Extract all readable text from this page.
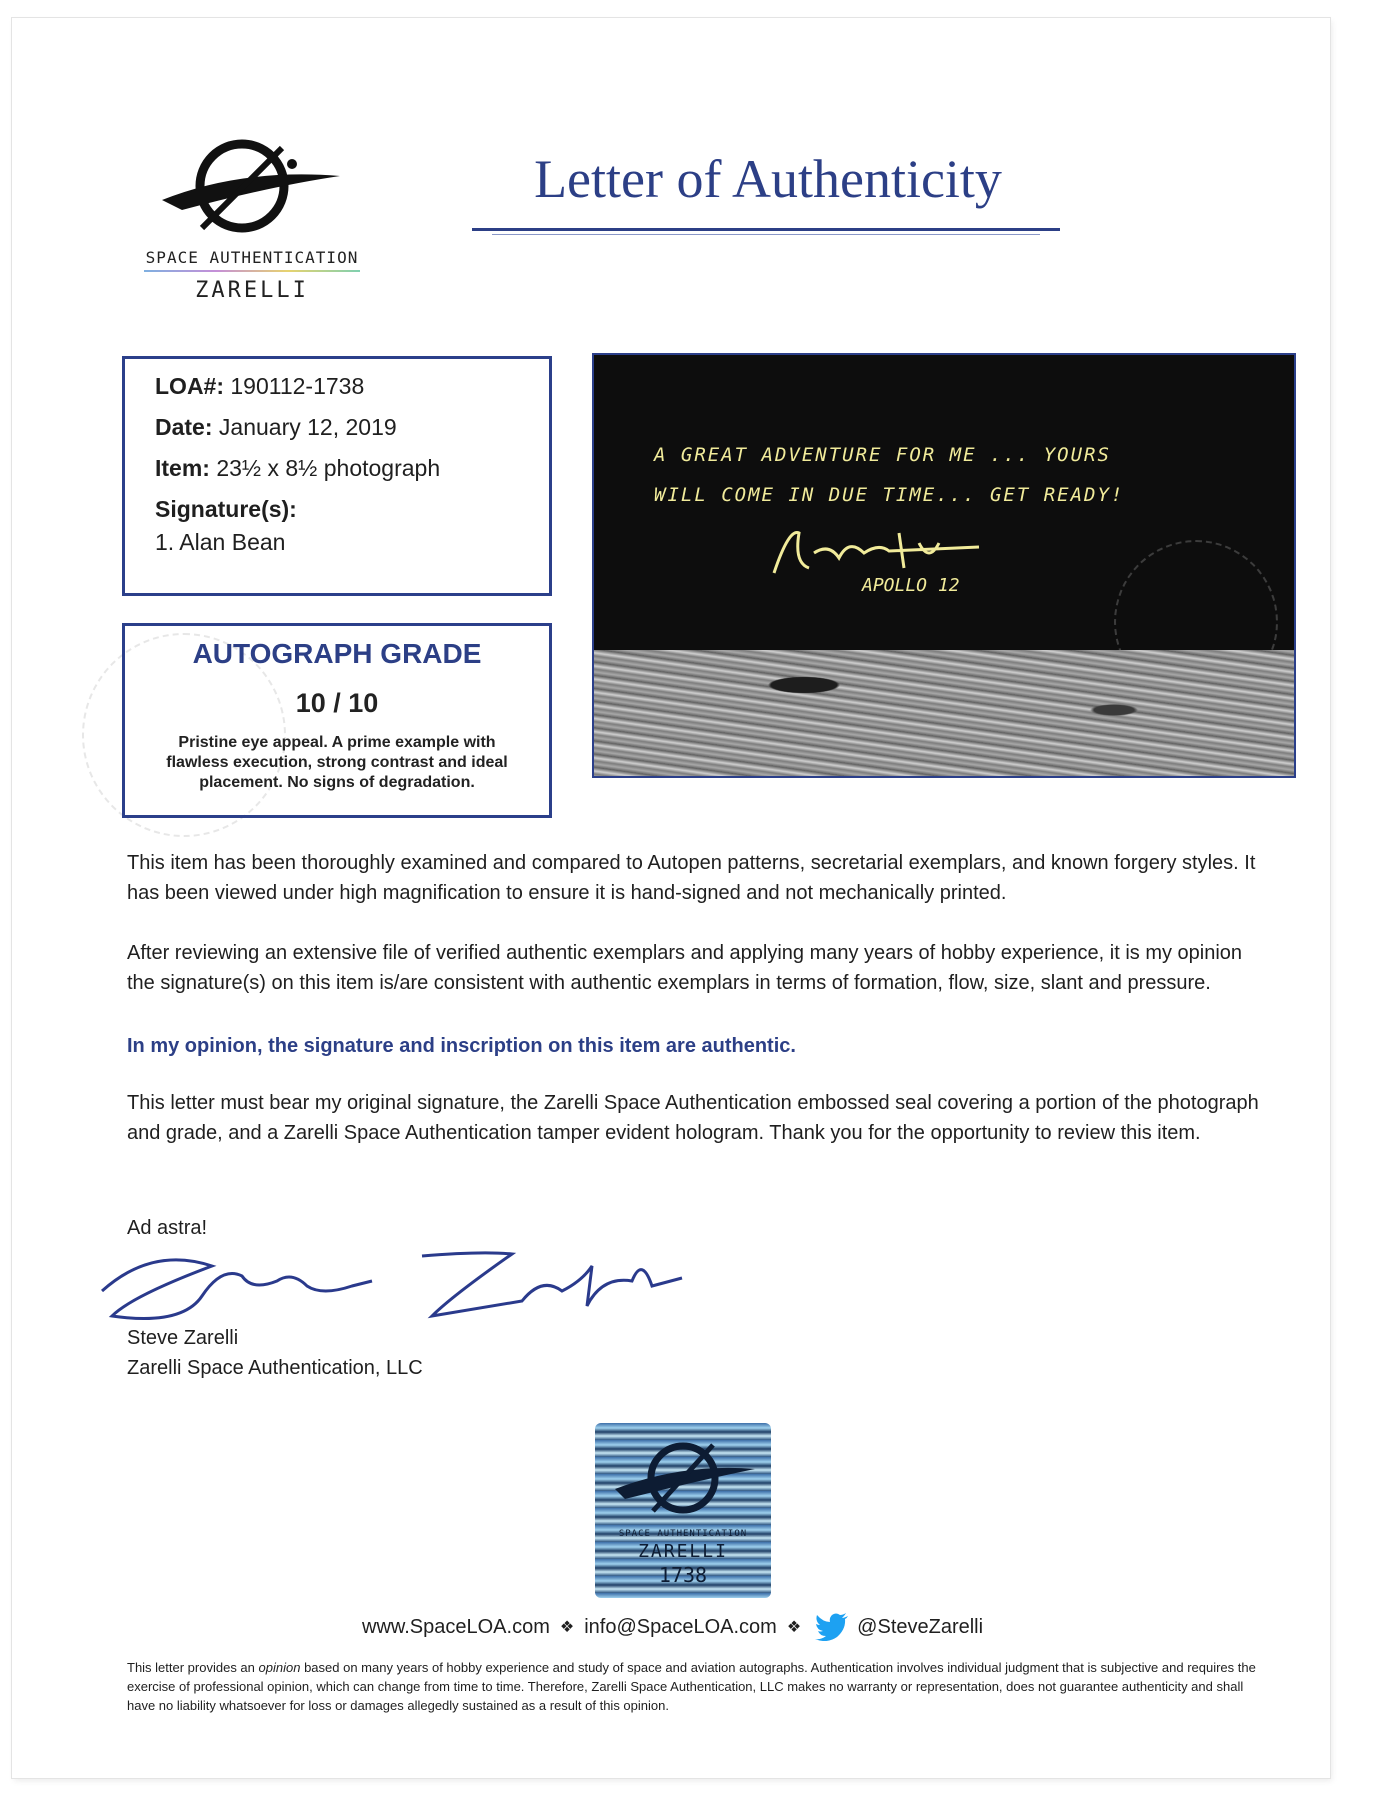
SPACE AUTHENTICATION
ZARELLI
Letter of Authenticity
LOA#: 190112-1738
Date: January 12, 2019
Item: 23½ x 8½ photograph
Signature(s):
1. Alan Bean
AUTOGRAPH GRADE
10 / 10
Pristine eye appeal. A prime example with flawless execution, strong contrast and ideal placement. No signs of degradation.
A GREAT ADVENTURE FOR ME ... YOURS
WILL COME IN DUE TIME... GET READY!
APOLLO 12
This item has been thoroughly examined and compared to Autopen patterns, secretarial exemplars, and known forgery styles. It has been viewed under high magnification to ensure it is hand-signed and not mechanically printed.
After reviewing an extensive file of verified authentic exemplars and applying many years of hobby experience, it is my opinion the signature(s) on this item is/are consistent with authentic exemplars in terms of formation, flow, size, slant and pressure.
In my opinion, the signature and inscription on this item are authentic.
This letter must bear my original signature, the Zarelli Space Authentication embossed seal covering a portion of the photograph and grade, and a Zarelli Space Authentication tamper evident hologram. Thank you for the opportunity to review this item.
Ad astra!
Steve Zarelli
Zarelli Space Authentication, LLC
SPACE AUTHENTICATION
ZARELLI
1738
www.SpaceLOA.com ❖ info@SpaceLOA.com ❖	@SteveZarelli
This letter provides an opinion based on many years of hobby experience and study of space and aviation autographs. Authentication involves individual judgment that is subjective and requires the exercise of professional opinion, which can change from time to time. Therefore, Zarelli Space Authentication, LLC makes no warranty or representation, does not guarantee authenticity and shall have no liability whatsoever for loss or damages allegedly sustained as a result of this opinion.
